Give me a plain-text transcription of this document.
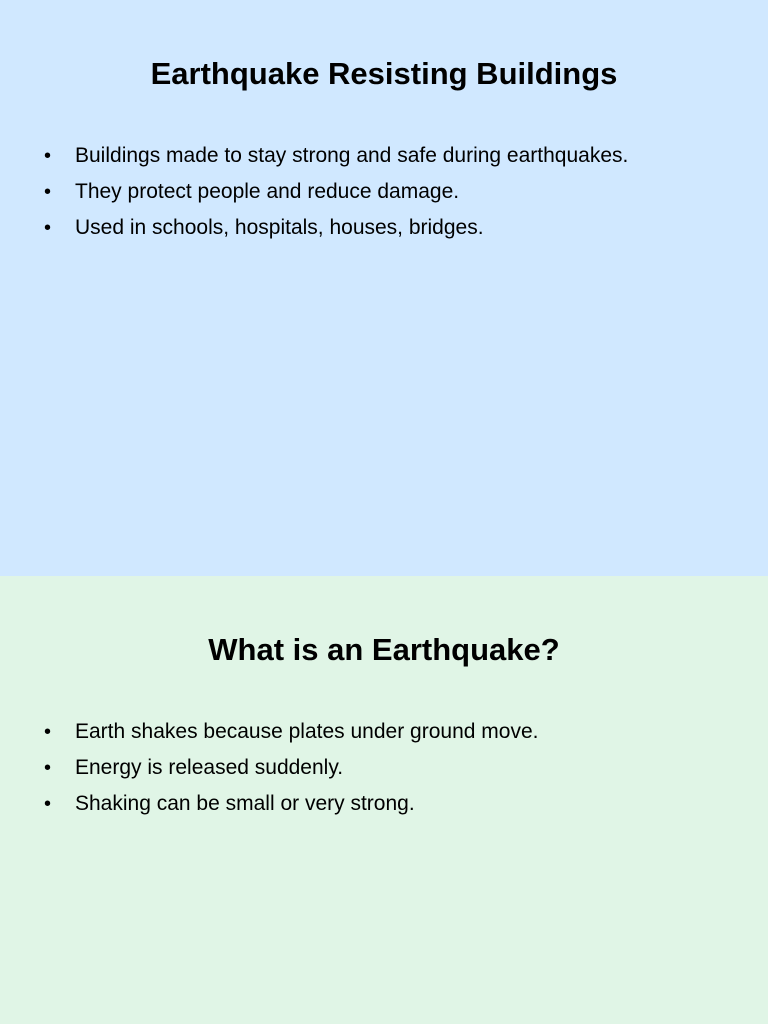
Earthquake Resisting Buildings
•	Buildings made to stay strong and safe during earthquakes.
•	They protect people and reduce damage.
•	Used in schools, hospitals, houses, bridges.
What is an Earthquake?
•	Earth shakes because plates under ground move.
•	Energy is released suddenly.
•	Shaking can be small or very strong.
